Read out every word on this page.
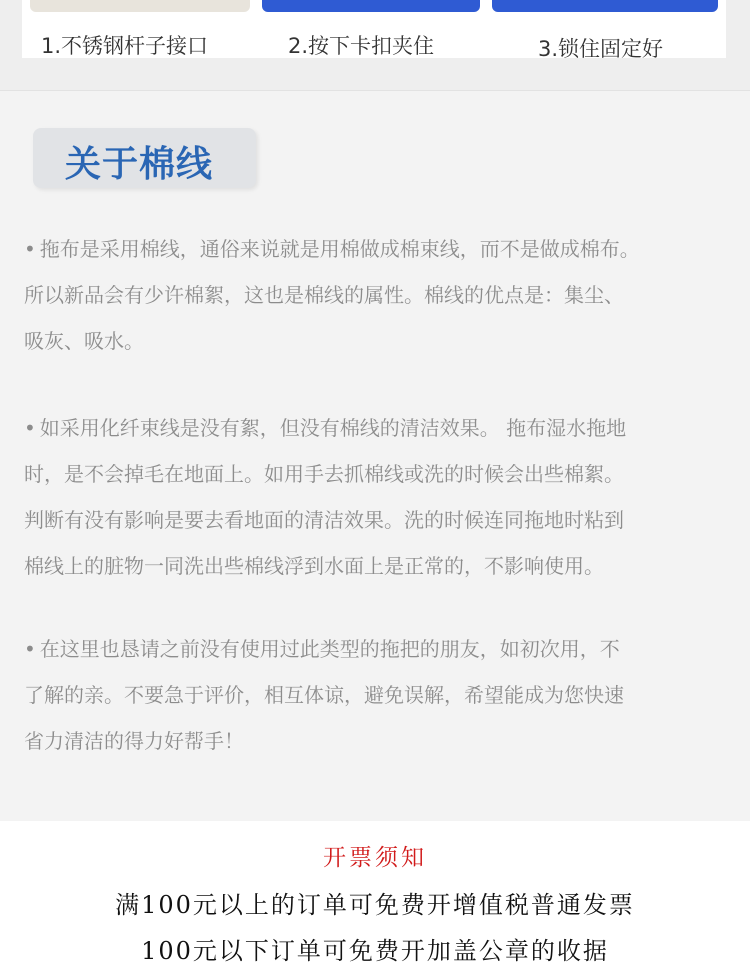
1.不锈钢杆子接口	2.按下卡扣夹住	3.锁住固定好
关于棉线
• 拖布是采用棉线，通俗来说就是用棉做成棉束线，而不是做成棉布。
所以新品会有少许棉絮，这也是棉线的属性。棉线的优点是：集尘、
吸灰、吸水。
• 如采用化纤束线是没有絮，但没有棉线的清洁效果。 拖布湿水拖地
时，是不会掉毛在地面上。如用手去抓棉线或洗的时候会出些棉絮。
判断有没有影响是要去看地面的清洁效果。洗的时候连同拖地时粘到
棉线上的脏物一同洗出些棉线浮到水面上是正常的，不影响使用。
• 在这里也恳请之前没有使用过此类型的拖把的朋友，如初次用，不
了解的亲。不要急于评价，相互体谅，避免误解，希望能成为您快速
省力清洁的得力好帮手！
开票须知
满100元以上的订单可免费开增值税普通发票
100元以下订单可免费开加盖公章的收据
